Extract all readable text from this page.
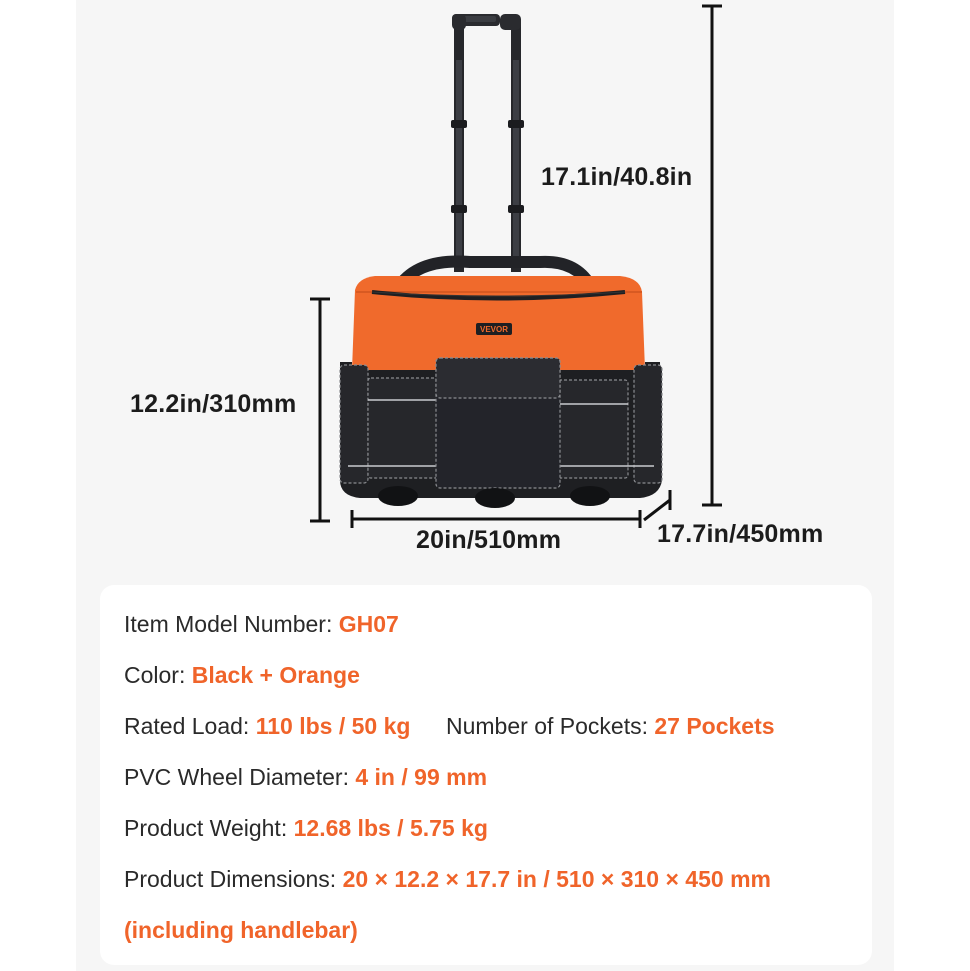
VEVOR
17.1in/40.8in
12.2in/310mm
20in/510mm	17.7in/450mm
Item Model Number: GH07
Color: Black + Orange
Rated Load: 110 lbs / 50 kg Number of Pockets: 27 Pockets
PVC Wheel Diameter: 4 in / 99 mm
Product Weight: 12.68 lbs / 5.75 kg
Product Dimensions: 20 × 12.2 × 17.7 in / 510 × 310 × 450 mm
(including handlebar)
